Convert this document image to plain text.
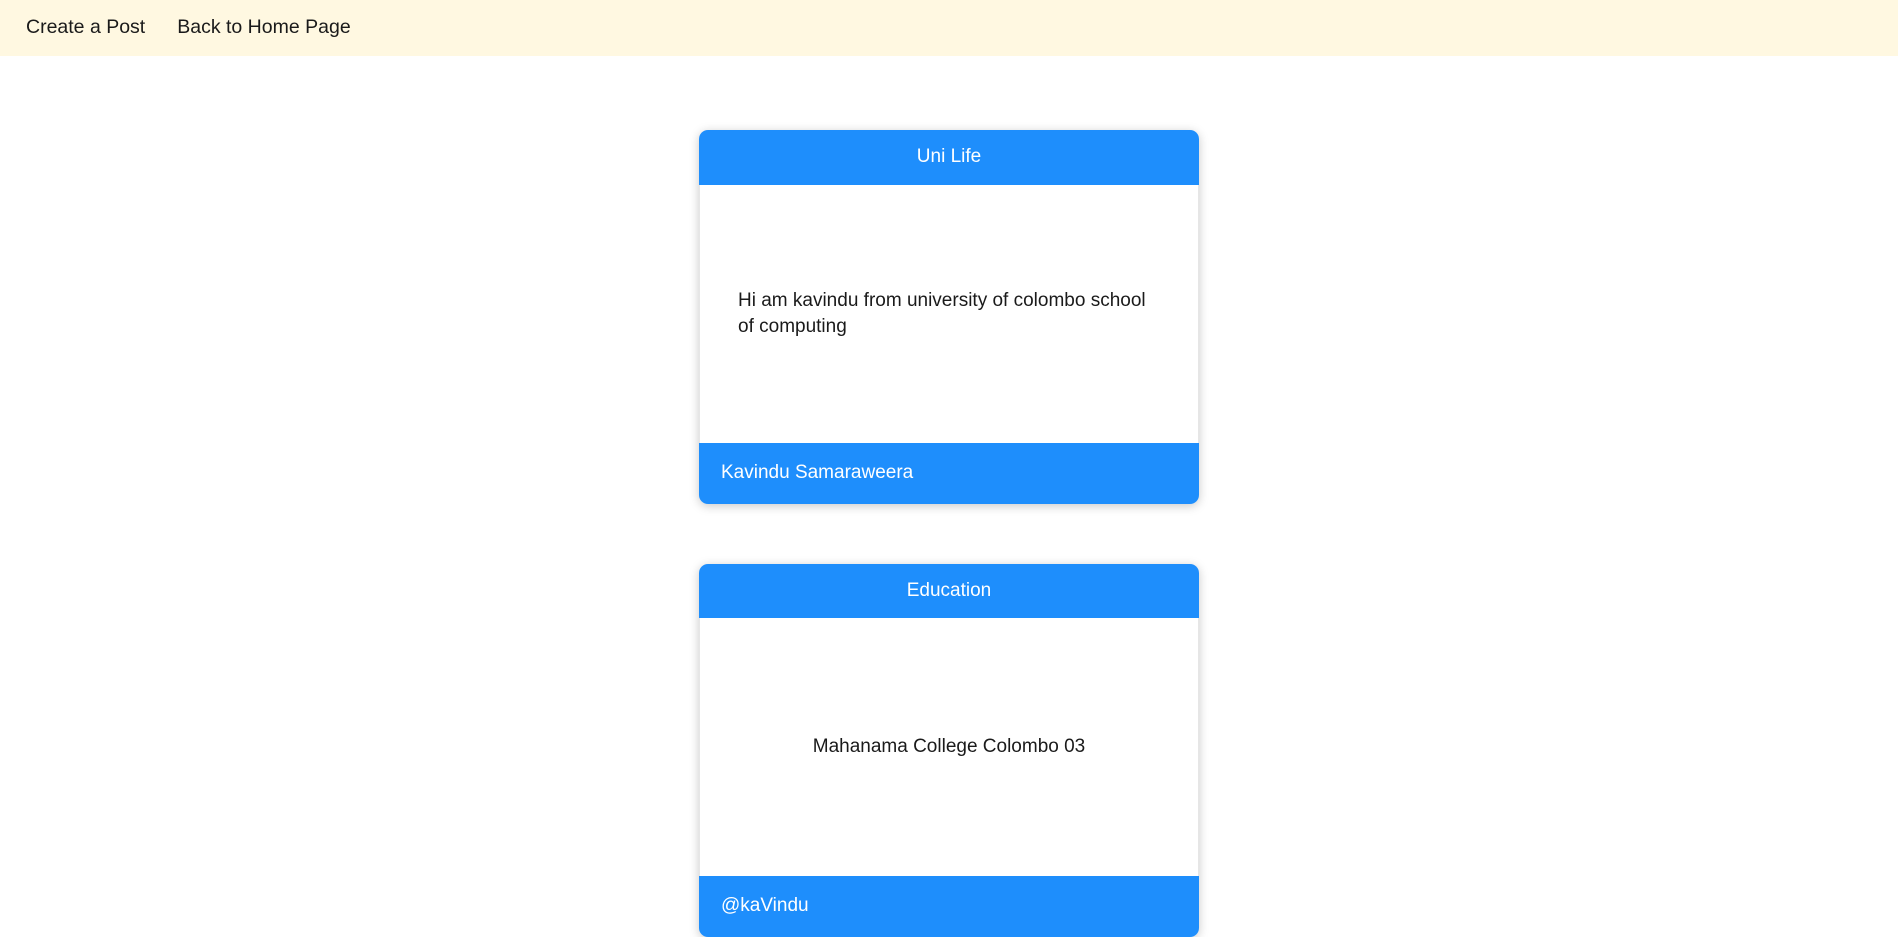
Create a Post Back to Home Page
Uni Life
Hi am kavindu from university of colombo school of computing
Kavindu Samaraweera
Education
Mahanama College Colombo 03
@kaVindu
